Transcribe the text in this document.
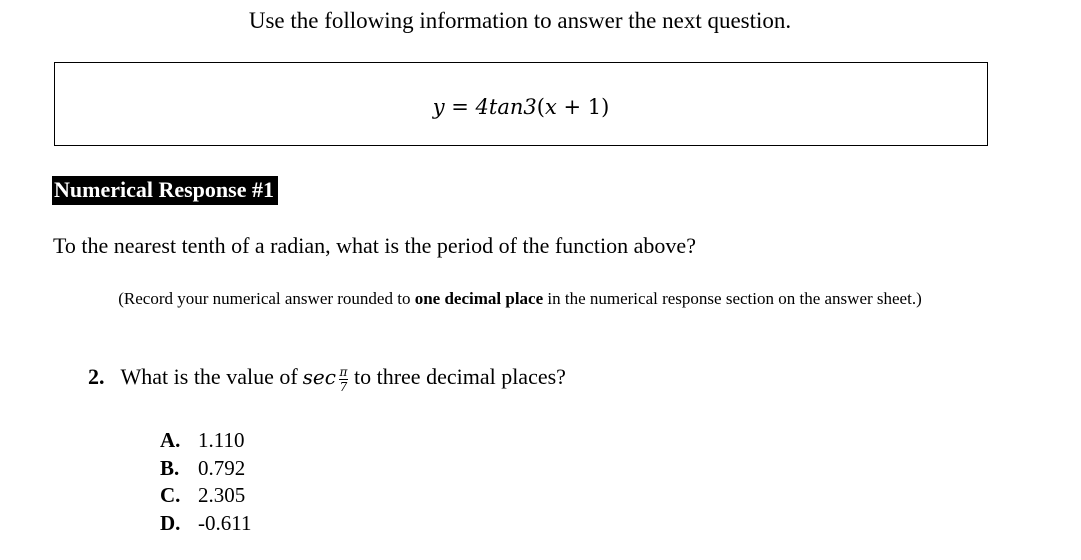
Use the following information to answer the next question.
y = 4tan3(x + 1)
Numerical Response #1
To the nearest tenth of a radian, what is the period of the function above?
(Record your numerical answer rounded to one decimal place in the numerical response section on the answer sheet.)
2. What is the value of $\sec \frac{\pi}{7}$ to three decimal places?
A. 1.110
B. 0.792
C. 2.305
D. -0.611
